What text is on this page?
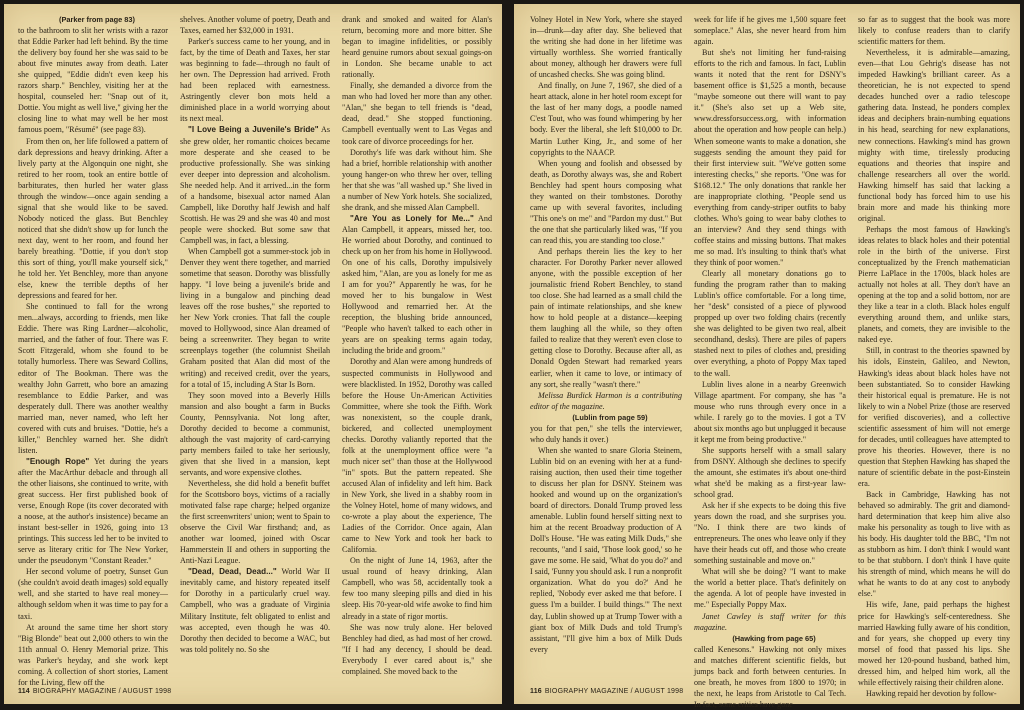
(Parker from page 83)

to the bathroom to slit her wrists with a razor that Eddie Parker had left behind. By the time the delivery boy found her she was said to be about five minutes away from death. Later she quipped, "Eddie didn't even keep his razors sharp." Benchley, visiting her at the hospital, counseled her: "Snap out of it, Dottie. You might as well live," giving her the closing line to what may well be her most famous poem, "Résumé" (see page 83).

From then on, her life followed a pattern of dark depressions and heavy drinking. After a lively party at the Algonquin one night, she retired to her room, took an entire bottle of barbiturates, then hurled her water glass through the window—once again sending a signal that she would like to be saved. Nobody noticed the glass. But Benchley noticed that she didn't show up for lunch the next day, went to her room, and found her barely breathing. "Dottie, if you don't stop this sort of thing, you'll make yourself sick," he told her. Yet Benchley, more than anyone else, knew the terrible depths of her depressions and feared for her.

She continued to fall for the wrong men...always, according to friends, men like Eddie. There was Ring Lardner—alcoholic, married, and the father of four. There was F. Scott Fitzgerald, whom she found to be totally humorless. There was Seward Collins, editor of The Bookman. There was the wealthy John Garrett, who bore an amazing resemblance to Eddie Parker, and was desperately dull. There was another wealthy married man, never named, who left her covered with cuts and bruises. "Dottie, he's a killer," Benchley warned her. She didn't listen.

"Enough Rope" Yet during the years after the MacArthur debacle and through all the other liaisons, she continued to write, with great success. Her first published book of verse, Enough Rope (its cover decorated with a noose, at the author's insistence) became an instant best-seller in 1926, going into 13 printings. This success led her to be invited to serve as literary critic for The New Yorker, under the pseudonym "Constant Reader."

Her second volume of poetry, Sunset Gun (she couldn't avoid death images) sold equally well, and she started to have real money—although seldom when it was time to pay for a taxi.

At around the same time her short story "Big Blonde" beat out 2,000 others to win the 11th annual O. Henry Memorial prize. This was Parker's heyday, and she work kept coming. A collection of short stories, Lament for the Living, flew off the

shelves. Another volume of poetry, Death and Taxes, earned her $32,000 in 1931.

Parker's success came to her young, and in fact, by the time of Death and Taxes, her star was beginning to fade—through no fault of her own. The Depression had arrived. Froth had been replaced with earnestness. Astringently clever bon mots held a diminished place in a world worrying about its next meal.

"I Love Being a Juvenile's Bride" As she grew older, her romantic choices became more desperate and she ceased to be productive professionally. She was sinking ever deeper into depression and alcoholism. She needed help. And it arrived...in the form of a handsome, bisexual actor named Alan Campbell, like Dorothy half Jewish and half Scottish. He was 29 and she was 40 and most people were shocked. But some saw that Campbell was, in fact, a blessing.

When Campbell got a summer-stock job in Denver they went there together, and married sometime that season. Dorothy was blissfully happy. "I love being a juvenile's bride and living in a bungalow and pinching dead leaves off the rose bushes," she reported to her New York cronies. That fall the couple moved to Hollywood, since Alan dreamed of being a screenwriter. They began to write screenplays together (the columnist Sheilah Graham posited that Alan did most of the writing) and received credit, over the years, for a total of 15, including A Star Is Born.

They soon moved into a Beverly Hills mansion and also bought a farm in Bucks County, Pennsylvania. Not long after, Dorothy decided to become a communist, although the vast majority of card-carrying party members failed to take her seriously, given that she lived in a mansion, kept servants, and wore expensive clothes.

Nevertheless, she did hold a benefit buffet for the Scottsboro boys, victims of a racially motivated false rape charge; helped organize the first screenwriters' union; went to Spain to observe the Civil War firsthand; and, as another war loomed, joined with Oscar Hammerstein II and others in supporting the Anti-Nazi League.

"Dead, Dead, Dead..." World War II inevitably came, and history repeated itself for Dorothy in a particularly cruel way. Campbell, who was a graduate of Virginia Military Institute, felt obligated to enlist and was accepted, even though he was 40. Dorothy then decided to become a WAC, but was told politely no. So she

drank and smoked and waited for Alan's return, becoming more and more bitter. She began to imagine infidelities, or possibly heard genuine rumors about sexual goings-on in London. She became unable to act rationally.

Finally, she demanded a divorce from the man who had loved her more than any other. "Alan," she began to tell friends is "dead, dead, dead." She stopped functioning. Campbell eventually went to Las Vegas and took care of divorce proceedings for her.

Dorothy's life was dark without him. She had a brief, horrible relationship with another young hanger-on who threw her over, telling her that she was "all washed up." She lived in a number of New York hotels. She socialized, she drank, and she missed Alan Campbell.

"Are You as Lonely for Me..." And Alan Campbell, it appears, missed her, too. He worried about Dorothy, and continued to check up on her from his home in Hollywood. On one of his calls, Dorothy impulsively asked him, "Alan, are you as lonely for me as I am for you?" Apparently he was, for he moved her to his bungalow in West Hollywood and remarried her. At the reception, the blushing bride announced, "People who haven't talked to each other in years are on speaking terms again today, including the bride and groom."

Dorothy and Alan were among hundreds of suspected communists in Hollywood and were blacklisted. In 1952, Dorothy was called before the House Un-American Activities Committee, where she took the Fifth. Work was nonexistent, so the couple drank, bickered, and collected unemployment checks. Dorothy valiantly reported that the folk at the unemployment office were "a much nicer set" than those at the Hollywood "in" spots. But the pattern repeated. She accused Alan of infidelity and left him. Back in New York, she lived in a shabby room in the Volney Hotel, home of many widows, and co-wrote a play about the experience, The Ladies of the Corridor. Once again, Alan came to New York and took her back to California.

On the night of June 14, 1963, after the usual round of heavy drinking, Alan Campbell, who was 58, accidentally took a few too many sleeping pills and died in his sleep. His 70-year-old wife awoke to find him already in a state of rigor mortis.

She was now truly alone. Her beloved Benchley had died, as had most of her crowd. "If I had any decency, I should be dead. Everybody I ever cared about is," she complained. She moved back to the

114 BIOGRAPHY MAGAZINE / AUGUST 1998

Volney Hotel in New York, where she stayed in—drunk—day after day. She believed that the writing she had done in her lifetime was virtually worthless. She worried frantically about money, although her drawers were full of uncashed checks. She was going blind.

And finally, on June 7, 1967, she died of a heart attack, alone in her hotel room except for the last of her many dogs, a poodle named C'est Tout, who was found whimpering by her body. Ever the liberal, she left $10,000 to Dr. Martin Luther King, Jr., and some of her copyrights to the NAACP.

When young and foolish and obsessed by death, as Dorothy always was, she and Robert Benchley had spent hours composing what they wanted on their tombstones. Dorothy came up with several favorites, including "This one's on me" and "Pardon my dust." But the one that she particularly liked was, "If you can read this, you are standing too close."

And perhaps therein lies the key to her character. For Dorothy Parker never allowed anyone, with the possible exception of her journalistic friend Robert Benchley, to stand too close. She had learned as a small child the pain of intimate relationships, and she knew how to hold people at a distance—keeping them laughing all the while, so they often failed to realize that they weren't even close to getting close to Dorothy. Because after all, as Donald Ogden Stewart had remarked years earlier, when it came to love, or intimacy of any sort, she really "wasn't there."

Melissa Burdick Harmon is a contributing editor of the magazine.

(Lublin from page 59)

you for that pen," she tells the interviewer, who duly hands it over.)

When she wanted to snare Gloria Steinem, Lublin bid on an evening with her at a fund-raising auction, then used their time together to discuss her plan for DSNY. Steinem was hooked and wound up on the organization's board of directors. Donald Trump proved less amenable. Lublin found herself sitting next to him at the recent Broadway production of A Doll's House. "He was eating Milk Duds," she recounts, "and I said, 'Those look good,' so he gave me some. He said, 'What do you do?' and I said, 'Funny you should ask. I run a nonprofit organization. What do you do?' And he replied, 'Nobody ever asked me that before. I guess I'm a builder. I build things.'" The next day, Lublin showed up at Trump Tower with a giant box of Milk Duds and told Trump's assistant, "I'll give him a box of Milk Duds every

week for life if he gives me 1,500 square feet someplace." Alas, she never heard from him again.

But she's not limiting her fund-raising efforts to the rich and famous. In fact, Lublin wants it noted that the rent for DSNY's basement office is $1,525 a month, because "maybe someone out there will want to pay it." (She's also set up a Web site, www.dressforsuccess.org, with information about the operation and how people can help.) When someone wants to make a donation, she suggests sending the amount they paid for their first interview suit. "We've gotten some interesting checks," she reports. "One was for $168.12." The only donations that rankle her are inappropriate clothing. "People send us everything from candy-striper outfits to baby clothes. Who's going to wear baby clothes to an interview? And they send things with coffee stains and missing buttons. That makes me so mad. It's insulting to think that's what they think of poor women."

Clearly all monetary donations go to funding the program rather than to making Lublin's office comfortable. For a long time, her "desk" consisted of a piece of plywood propped up over two folding chairs (recently she was delighted to be given two real, albeit secondhand, desks). There are piles of papers stashed next to piles of clothes and, presiding over everything, a photo of Poppy Max taped to the wall.

Lublin lives alone in a nearby Greenwich Village apartment. For company, she has "a mouse who runs through every once in a while. I rarely go to the movies. I got a TV about six months ago but unplugged it because it kept me from being productive."

She supports herself with a small salary from DSNY. Although she declines to specify the amount, she estimates it's about one-third what she'd be making as a first-year law-school grad.

Ask her if she expects to be doing this five years down the road, and she surprises you. "No. I think there are two kinds of entrepreneurs. The ones who leave only if they have their heads cut off, and those who create something sustainable and move on."

What will she be doing? "I want to make the world a better place. That's definitely on the agenda. A lot of people have invested in me." Especially Poppy Max.

Janet Cawley is staff writer for this magazine.

(Hawking from page 65)

called Kenesons." Hawking not only mixes and matches different scientific fields, but jumps back and forth between centuries. In one breath, he moves from 1800 to 1970; in the next, he leaps from Aristotle to Cal Tech. In fact, some critics have gone

so far as to suggest that the book was more likely to confuse readers than to clarify scientific matters for them.

Nevertheless, it is admirable—amazing, even—that Lou Gehrig's disease has not impeded Hawking's brilliant career. As a theoretician, he is not expected to spend decades hunched over a radio telescope gathering data. Instead, he ponders complex ideas and deciphers brain-numbing equations in his head, searching for new explanations, new connections. Hawking's mind has grown mighty with time, tirelessly producing equations and theories that inspire and challenge researchers all over the world. Hawking himself has said that lacking a functional body has forced him to use his brain more and made his thinking more original.

Perhaps the most famous of Hawking's ideas relates to black holes and their potential role in the birth of the universe. First conceptualized by the French mathematician Pierre LaPlace in the 1700s, black holes are actually not holes at all. They don't have an opening at the top and a solid bottom, nor are they like a tear in a cloth. Black holes engulf everything around them, and unlike stars, planets, and comets, they are invisible to the naked eye.

Still, in contrast to the theories spawned by his idols, Einstein, Galileo, and Newton, Hawking's ideas about black holes have not been substantiated. So to consider Hawking their historical equal is premature. He is not likely to win a Nobel Prize (those are reserved for verified discoveries), and a collective scientific assessment of him will not emerge for decades, until colleagues have attempted to prove his theories. However, there is no question that Stephen Hawking has shaped the nature of scientific debate in the post-Einstein era.

Back in Cambridge, Hawking has not behaved so admirably. The grit and diamond-hard determination that keep him alive also make his personality as tough to live with as his body. His daughter told the BBC, "I'm not as stubborn as him. I don't think I would want to be that stubborn. I don't think I have quite his strength of mind, which means he will do what he wants to do at any cost to anybody else."

His wife, Jane, paid perhaps the highest price for Hawking's self-centeredness. She married Hawking fully aware of his condition, and for years, she chopped up every tiny morsel of food that passed his lips. She mowed her 120-pound husband, bathed him, dressed him, and helped him work, all the while effectively raising their children alone.

Hawking repaid her devotion by follow-

116 BIOGRAPHY MAGAZINE / AUGUST 1998
